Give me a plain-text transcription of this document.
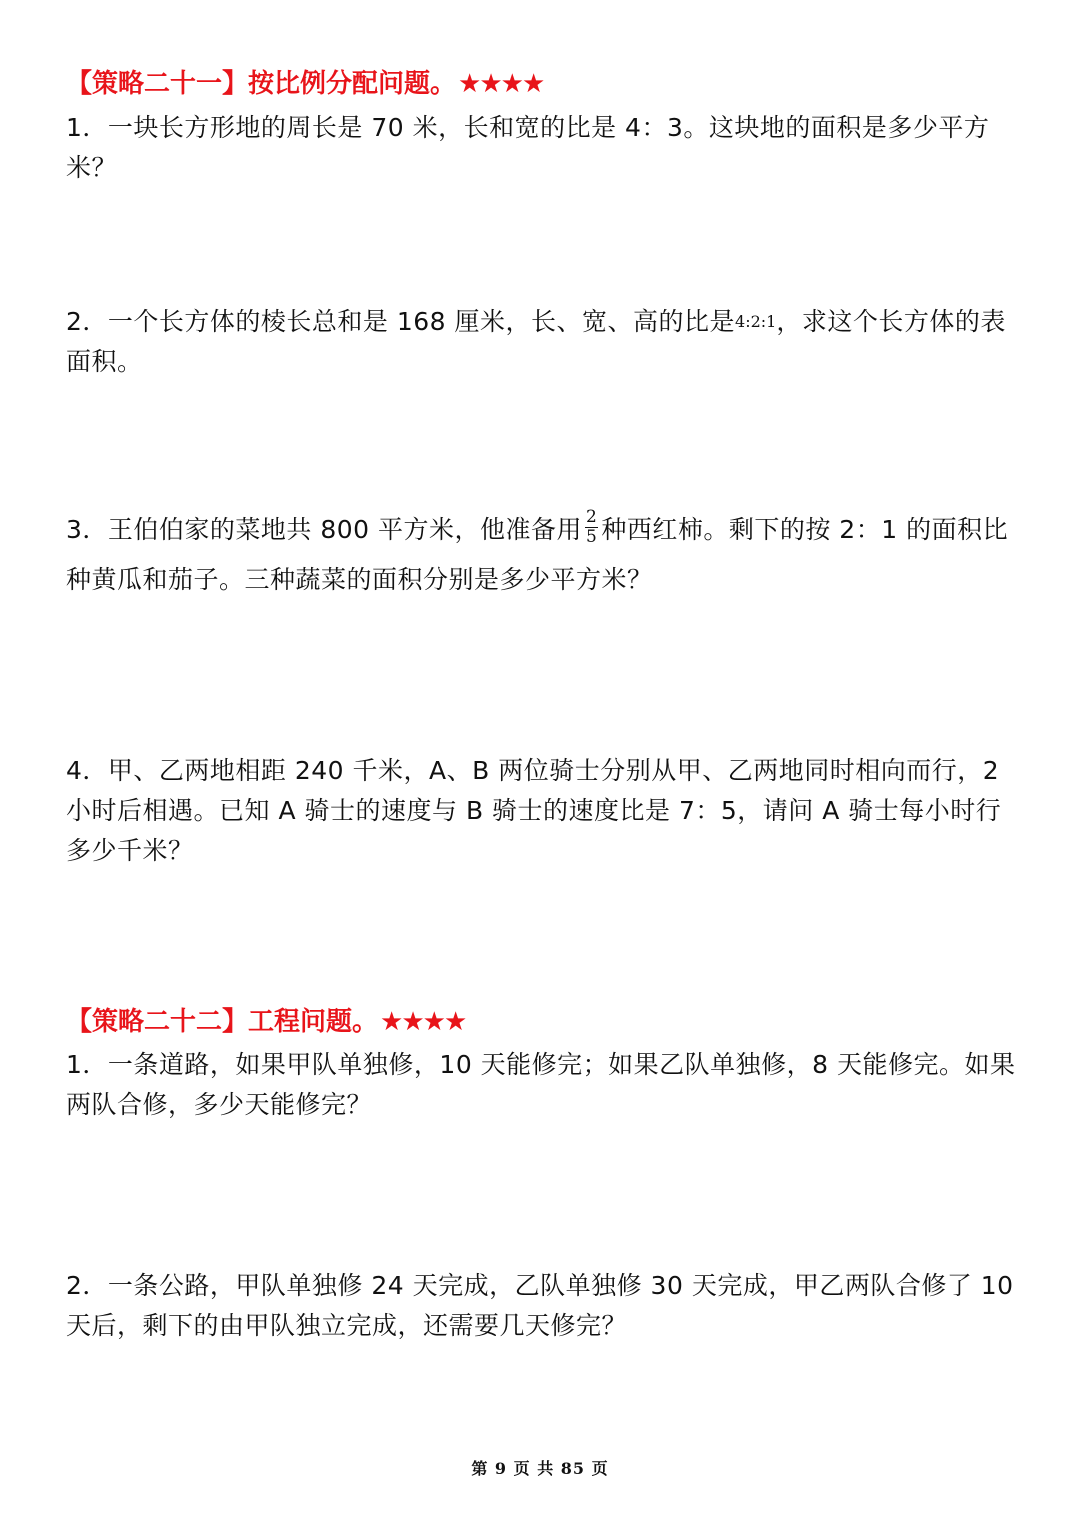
【策略二十一】按比例分配问题。★★★★
1．一块长方形地的周长是 70 米，长和宽的比是 4：3。这块地的面积是多少平方米？
2．一个长方体的棱长总和是 168 厘米，长、宽、高的比是4:2:1，求这个长方体的表面积。
3．王伯伯家的菜地共 800 平方米，他准备用 $\frac{2}{5}$ 种西红柿。剩下的按 2：1 的面积比种黄瓜和茄子。三种蔬菜的面积分别是多少平方米？
4．甲、乙两地相距 240 千米，A、B 两位骑士分别从甲、乙两地同时相向而行，2 小时后相遇。已知 A 骑士的速度与 B 骑士的速度比是 7：5，请问 A 骑士每小时行多少千米？
【策略二十二】工程问题。★★★★
1．一条道路，如果甲队单独修，10 天能修完；如果乙队单独修，8 天能修完。如果两队合修，多少天能修完？
2．一条公路，甲队单独修 24 天完成，乙队单独修 30 天完成，甲乙两队合修了 10 天后，剩下的由甲队独立完成，还需要几天修完？
第 9 页 共 85 页
